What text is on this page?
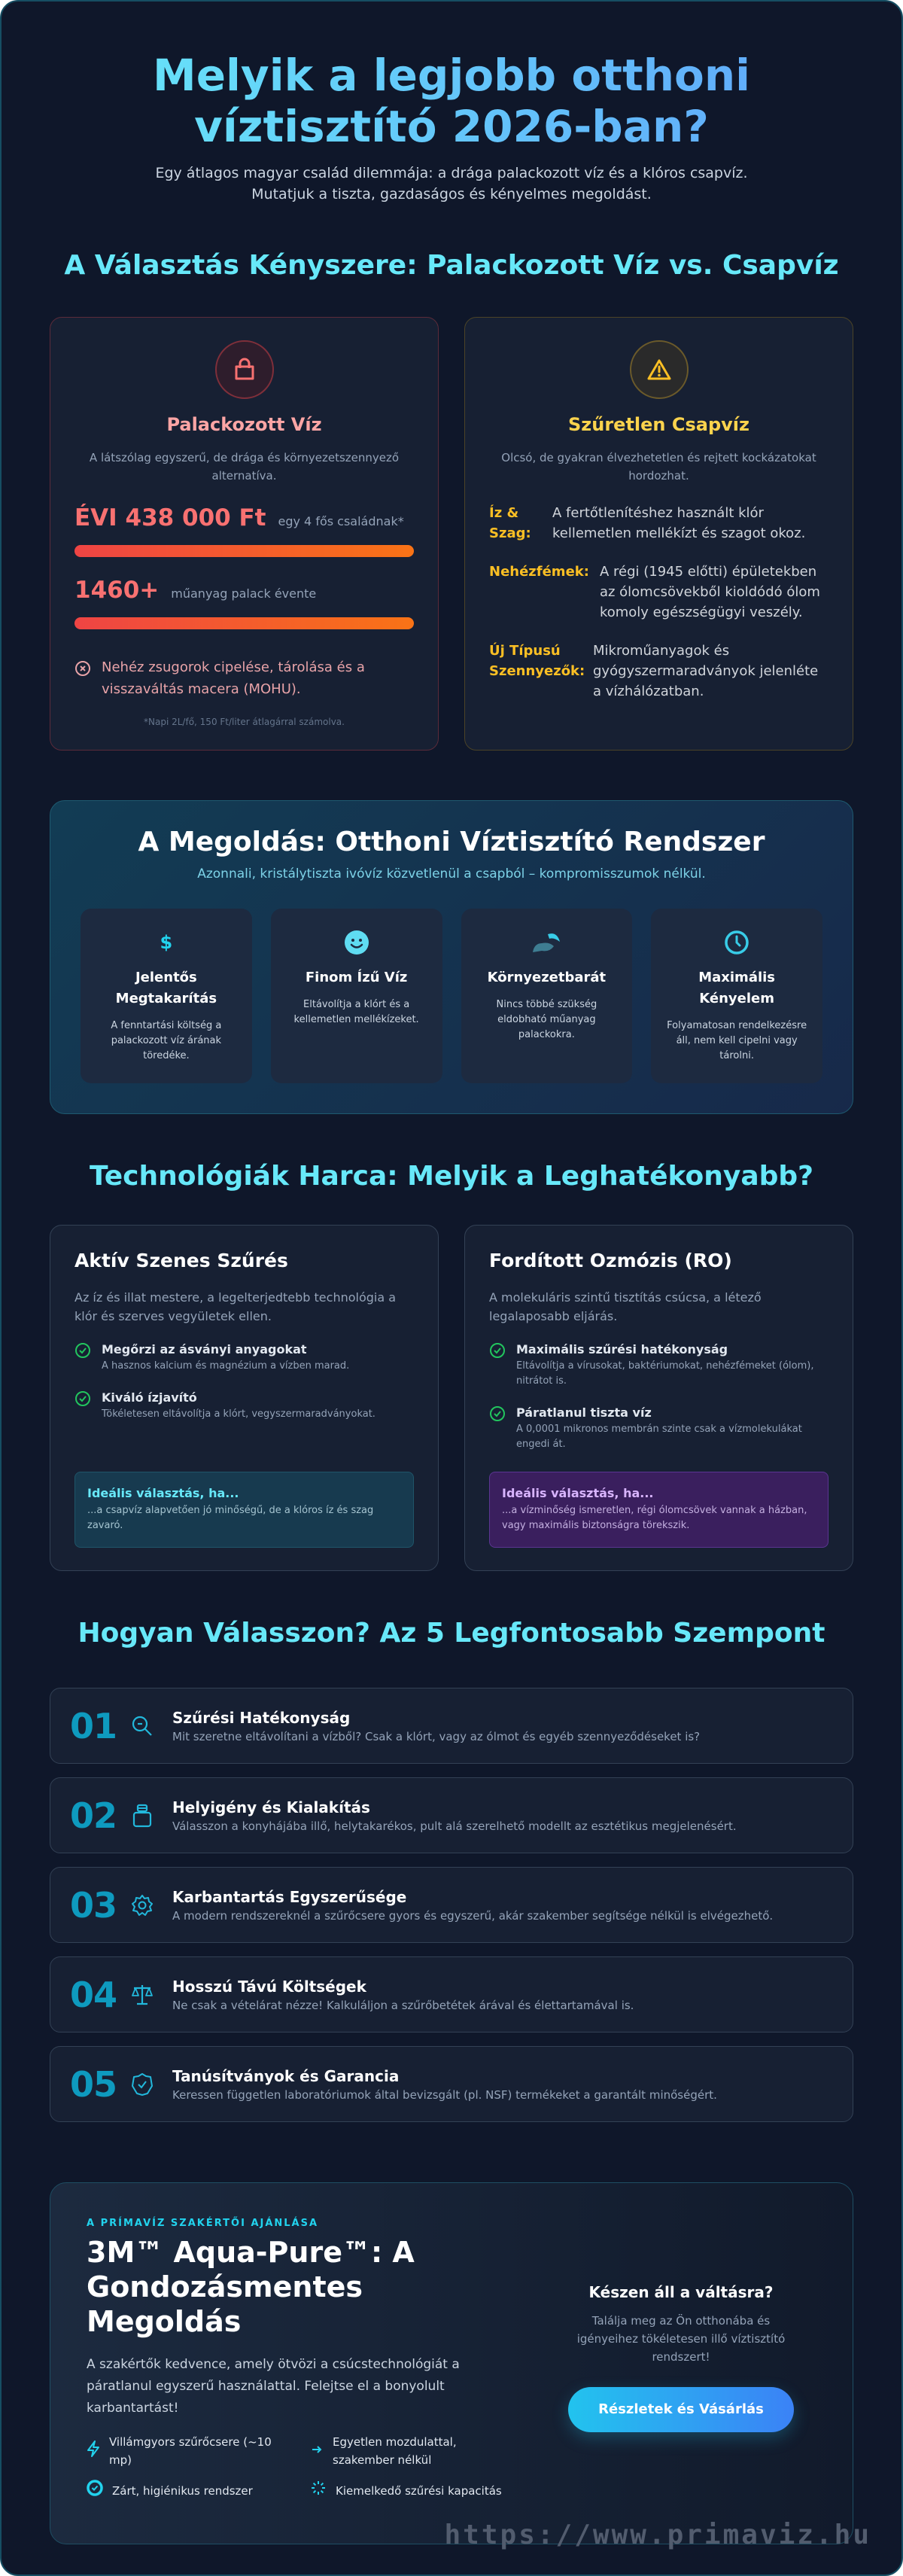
Melyik a legjobb otthoni víztisztító 2026-ban?

Egy átlagos magyar család dilemmája: a drága palackozott víz és a klóros csapvíz.
Mutatjuk a tiszta, gazdaságos és kényelmes megoldást.

A Választás Kényszere: Palackozott Víz vs. Csapvíz
Palackozott Víz
A látszólag egyszerű, de drága és környezetszennyező alternatíva.
ÉVI 438 000 Ft egy 4 fős családnak*
1460+ műanyag palack évente
Nehéz zsugorok cipelése, tárolása és a visszaváltás macera (MOHU).
*Napi 2L/fő, 150 Ft/liter átlagárral számolva.
Szűretlen Csapvíz
Olcsó, de gyakran élvezhetetlen és rejtett kockázatokat hordozhat.
Íz & Szag:
A fertőtlenítéshez használt klór kellemetlen mellékízt és szagot okoz.
Nehézfémek: A régi (1945 előtti) épületekben az ólomcsövekből kioldódó ólom komoly egészségügyi veszély.
Új Típusú Szennyezők:
Mikroműanyagok és gyógyszermaradványok jelenléte a vízhálózatban.
A Megoldás: Otthoni Víztisztító Rendszer

Azonnali, kristálytiszta ivóvíz közvetlenül a csapból – kompromisszumok nélkül.

$
Jelentős Megtakarítás
A fenntartási költség a palackozott víz árának töredéke.
Finom Ízű Víz
Eltávolítja a klórt és a kellemetlen mellékízeket.
Környezetbarát
Nincs többé szükség eldobható műanyag palackokra.
Maximális Kényelem
Folyamatosan rendelkezésre áll, nem kell cipelni vagy tárolni.
Technológiák Harca: Melyik a Leghatékonyabb?
Aktív Szenes Szűrés
Az íz és illat mestere, a legelterjedtebb technológia a klór és szerves vegyületek ellen.
Megőrzi az ásványi anyagokat
A hasznos kalcium és magnézium a vízben marad.
Kiváló ízjavító
Tökéletesen eltávolítja a klórt, vegyszermaradványokat.
Ideális választás, ha...
...a csapvíz alapvetően jó minőségű, de a klóros íz és szag zavaró.
Fordított Ozmózis (RO)
A molekuláris szintű tisztítás csúcsa, a létező legalaposabb eljárás.
Maximális szűrési hatékonyság
Eltávolítja a vírusokat, baktériumokat, nehézfémeket (ólom), nitrátot is.
Páratlanul tiszta víz
A 0,0001 mikronos membrán szinte csak a vízmolekulákat engedi át.
Ideális választás, ha...
...a vízminőség ismeretlen, régi ólomcsövek vannak a házban, vagy maximális biztonságra törekszik.
Hogyan Válasszon? Az 5 Legfontosabb Szempont
01	Szűrési Hatékonyság
Mit szeretne eltávolítani a vízből? Csak a klórt, vagy az ólmot és egyéb szennyeződéseket is?
02	Helyigény és Kialakítás
Válasszon a konyhájába illő, helytakarékos, pult alá szerelhető modellt az esztétikus megjelenésért.
03	Karbantartás Egyszerűsége
A modern rendszereknél a szűrőcsere gyors és egyszerű, akár szakember segítsége nélkül is elvégezhető.
04	Hosszú Távú Költségek
Ne csak a vételárat nézze! Kalkuláljon a szűrőbetétek árával és élettartamával is.
05	Tanúsítványok és Garancia
Keressen független laboratóriumok által bevizsgált (pl. NSF) termékeket a garantált minőségért.
A PRÍMAVÍZ SZAKÉRTŐI AJÁNLÁSA
3M™ Aqua-Pure™: A Gondozásmentes Megoldás
A szakértők kedvence, amely ötvözi a csúcstechnológiát a páratlanul egyszerű használattal. Felejtse el a bonyolult karbantartást!
Villámgyors szűrőcsere (~10 mp)
Egyetlen mozdulattal, szakember nélkül
Zárt, higiénikus rendszer	Kiemelkedő szűrési kapacitás
Készen áll a váltásra?
Találja meg az Ön otthonába és igényeihez tökéletesen illő víztisztító rendszert!
Részletek és Vásárlás
https://www.primaviz.hu
